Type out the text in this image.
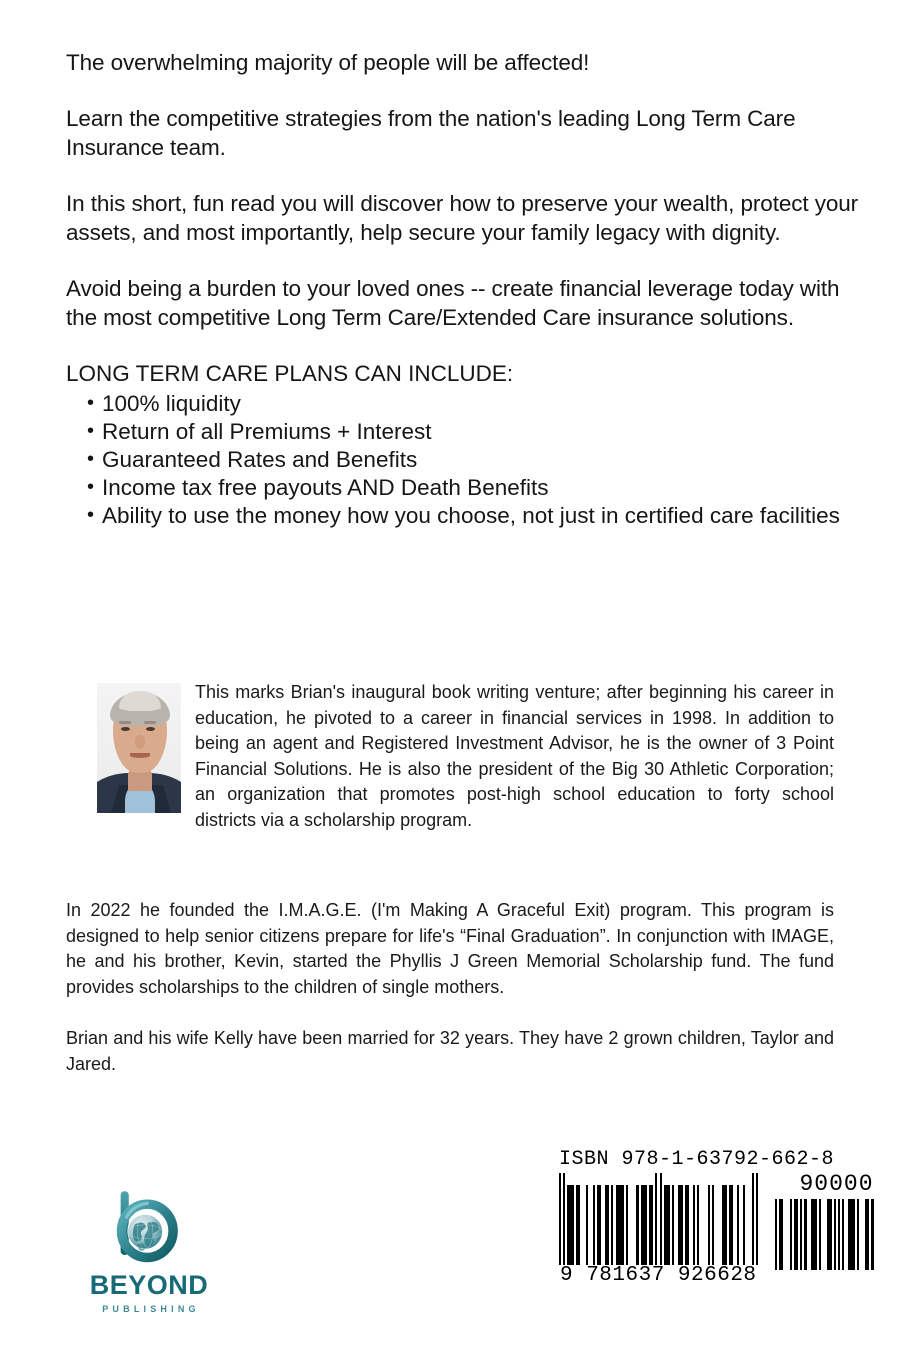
The overwhelming majority of people will be affected!

Learn the competitive strategies from the nation's leading Long Term Care Insurance team.

In this short, fun read you will discover how to preserve your wealth, protect your assets, and most importantly, help secure your family legacy with dignity.

Avoid being a burden to your loved ones -- create financial leverage today with the most competitive Long Term Care/Extended Care insurance solutions.

LONG TERM CARE PLANS CAN INCLUDE:

• 100% liquidity
• Return of all Premiums + Interest
• Guaranteed Rates and Benefits
• Income tax free payouts AND Death Benefits
• Ability to use the money how you choose, not just in certified care facilities

This marks Brian's inaugural book writing venture; after beginning his career in education, he pivoted to a career in financial services in 1998. In addition to being an agent and Registered Investment Advisor, he is the owner of 3 Point Financial Solutions. He is also the president of the Big 30 Athletic Corporation; an organization that promotes post-high school education to forty school districts via a scholarship program.

In 2022 he founded the I.M.A.G.E. (I'm Making A Graceful Exit) program. This program is designed to help senior citizens prepare for life's “Final Graduation”. In conjunction with IMAGE, he and his brother, Kevin, started the Phyllis J Green Memorial Scholarship fund. The fund provides scholarships to the children of single mothers.

Brian and his wife Kelly have been married for 32 years. They have 2 grown children, Taylor and Jared.

BEYOND
PUBLISHING
ISBN 978-1-63792-662-8
9 781637 926628
90000
